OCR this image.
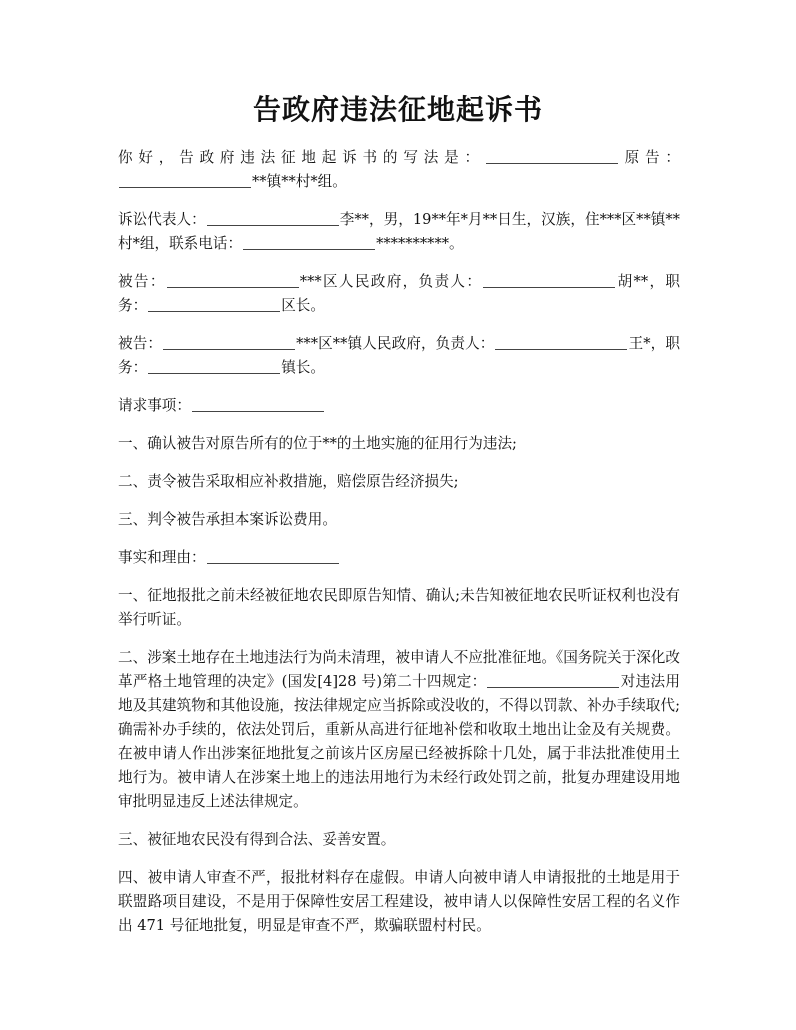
告政府违法征地起诉书

你好，告政府违法征地起诉书的写法是：	原告：**镇**村*组。

诉讼代表人：	李**，男，19**年*月**日生，汉族，住***区**镇**村*组，联系电话：	**********。

被告：	***区人民政府，负责人：	胡**，职务：	区长。

被告：	***区**镇人民政府，负责人：	王*，职务：	镇长。

请求事项：

一、确认被告对原告所有的位于**的土地实施的征用行为违法;

二、责令被告采取相应补救措施，赔偿原告经济损失;

三、判令被告承担本案诉讼费用。

事实和理由：

一、征地报批之前未经被征地农民即原告知情、确认;未告知被征地农民听证权利也没有举行听证。

二、涉案土地存在土地违法行为尚未清理，被申请人不应批准征地。《国务院关于深化改革严格土地管理的决定》(国发[4]28 号)第二十四规定：	对违法用地及其建筑物和其他设施，按法律规定应当拆除或没收的，不得以罚款、补办手续取代;确需补办手续的，依法处罚后，重新从高进行征地补偿和收取土地出让金及有关规费。在被申请人作出涉案征地批复之前该片区房屋已经被拆除十几处，属于非法批准使用土地行为。被申请人在涉案土地上的违法用地行为未经行政处罚之前，批复办理建设用地审批明显违反上述法律规定。

三、被征地农民没有得到合法、妥善安置。

四、被申请人审查不严，报批材料存在虚假。申请人向被申请人申请报批的土地是用于联盟路项目建设，不是用于保障性安居工程建设，被申请人以保障性安居工程的名义作出 471 号征地批复，明显是审查不严，欺骗联盟村村民。
